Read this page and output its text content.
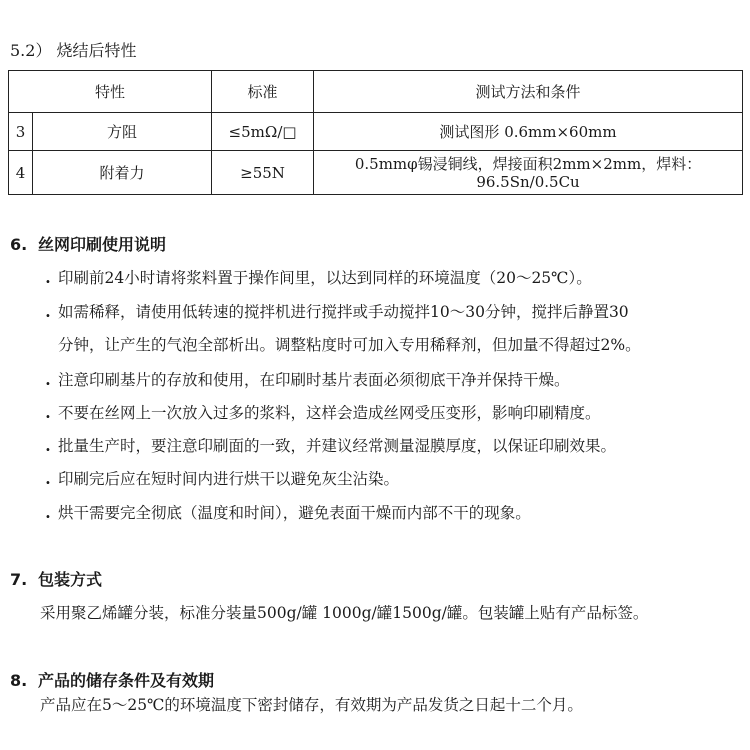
5.2） 烧结后特性
特性		标准	测试方法和条件
3	方阻	≤5mΩ/□	测试图形 0.6mm×60mm
4	附着力	≥55N	0.5mmφ锡浸铜线，焊接面积2mm×2mm，焊料：
96.5Sn/0.5Cu
6. 丝网印刷使用说明
. 印刷前24小时请将浆料置于操作间里，以达到同样的环境温度（20～25℃）。
. 如需稀释，请使用低转速的搅拌机进行搅拌或手动搅拌10～30分钟，搅拌后静置30
分钟，让产生的气泡全部析出。调整粘度时可加入专用稀释剂，但加量不得超过2%。
. 注意印刷基片的存放和使用，在印刷时基片表面必须彻底干净并保持干燥。
. 不要在丝网上一次放入过多的浆料，这样会造成丝网受压变形，影响印刷精度。
. 批量生产时，要注意印刷面的一致，并建议经常测量湿膜厚度，以保证印刷效果。
. 印刷完后应在短时间内进行烘干以避免灰尘沾染。
. 烘干需要完全彻底（温度和时间），避免表面干燥而内部不干的现象。
7. 包装方式
采用聚乙烯罐分装，标准分装量500g/罐 1000g/罐1500g/罐。包装罐上贴有产品标签。
8. 产品的储存条件及有效期
产品应在5～25℃的环境温度下密封储存，有效期为产品发货之日起十二个月。
